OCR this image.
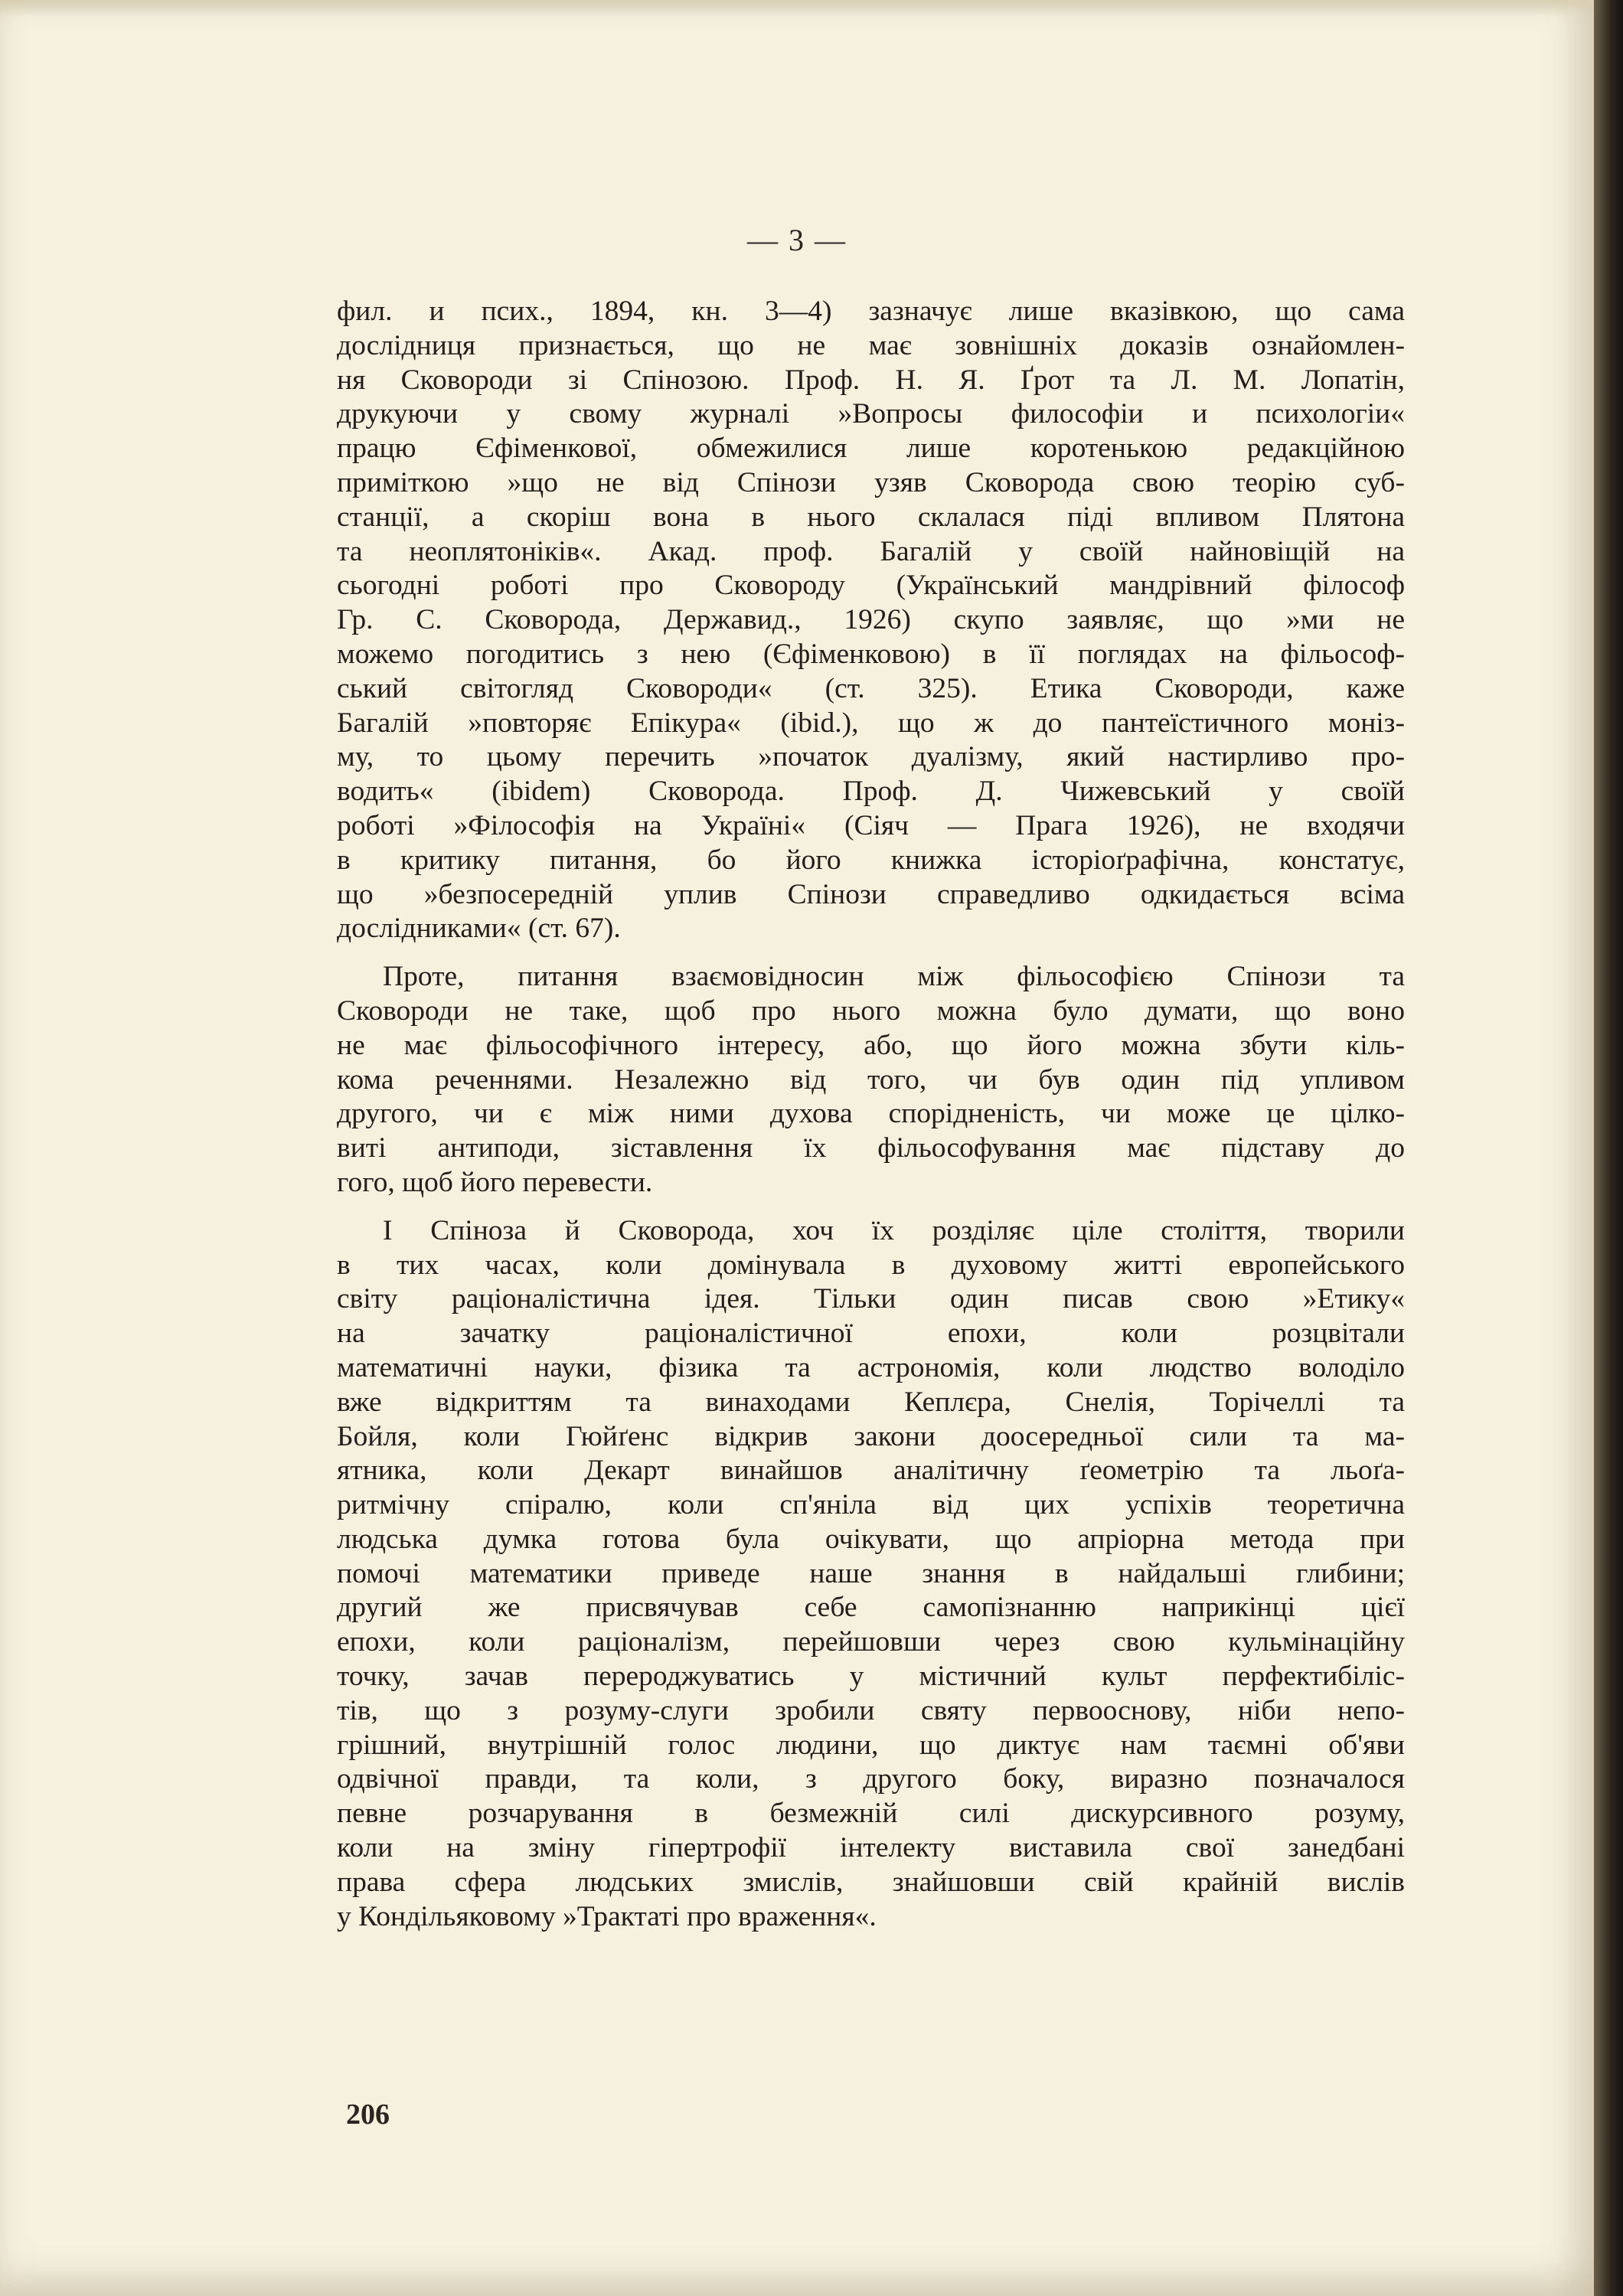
— 3 —
фил. и псих., 1894, кн. 3—4) зазначує лише вказівкою, що сама
дослідниця признається, що не має зовнішніх доказів ознайомлен-
ня Сковороди зі Спінозою. Проф. Н. Я. Ґрот та Л. М. Лопатін,
друкуючи у свому журналі »Вопросы философіи и психологіи«
працю Єфіменкової, обмежилися лише коротенькою редакційною
приміткою »що не від Спінози узяв Сковорода свою теорію суб-
станції, а скоріш вона в нього склалася піді впливом Плятона
та неоплятоніків«. Акад. проф. Багалій у своїй найновіщій на
сьогодні роботі про Сковороду (Український мандрівний філософ
Гр. С. Сковорода, Державид., 1926) скупо заявляє, що »ми не
можемо погодитись з нею (Єфіменковою) в її поглядах на фільософ-
ський світогляд Сковороди« (ст. 325). Етика Сковороди, каже
Багалій »повторяє Епікура« (ibid.), що ж до пантеїстичного моніз-
му, то цьому перечить »початок дуалізму, який настирливо про-
водить« (ibidem) Сковорода. Проф. Д. Чижевський у своїй
роботі »Філософія на Україні« (Сіяч — Прага 1926), не входячи
в критику питання, бо його книжка історіоґрафічна, констатує,
що »безпосередній уплив Спінози справедливо одкидається всіма
дослідниками« (ст. 67).
Проте, питання взаємовідносин між фільософією Спінози та
Сковороди не таке, щоб про нього можна було думати, що воно
не має фільософічного інтересу, або, що його можна збути кіль-
кома реченнями. Незалежно від того, чи був один під упливом
другого, чи є між ними духова спорідненість, чи може це цілко-
виті антиподи, зіставлення їх фільософування має підставу до
гого, щоб його перевести.
І Спіноза й Сковорода, хоч їх розділяє ціле століття, творили
в тих часах, коли домінувала в духовому житті европейського
світу раціоналістична ідея. Тільки один писав свою »Етику«
на зачатку раціоналістичної епохи, коли розцвітали
математичні науки, фізика та астрономія, коли людство володіло
вже відкриттям та винаходами Кеплєра, Снелія, Торічеллі та
Бойля, коли Гюйґенс відкрив закони доосередньої сили та ма-
ятника, коли Декарт винайшов аналітичну ґеометрію та льоґа-
ритмічну спіралю, коли сп'яніла від цих успіхів теоретична
людська думка готова була очікувати, що апріорна метода при
помочі математики приведе наше знання в найдальші глибини;
другий же присвячував себе самопізнанню наприкінці цієї
епохи, коли раціоналізм, перейшовши через свою кульмінаційну
точку, зачав перероджуватись у містичний культ перфектибіліс-
тів, що з розуму-слуги зробили святу первооснову, ніби непо-
грішний, внутрішній голос людини, що диктує нам таємні об'яви
одвічної правди, та коли, з другого боку, виразно позначалося
певне розчарування в безмежній силі дискурсивного розуму,
коли на зміну гіпертрофії інтелекту виставила свої занедбані
права сфера людських змислів, знайшовши свій крайній вислів
у Кондільяковому »Трактаті про враження«.
206
